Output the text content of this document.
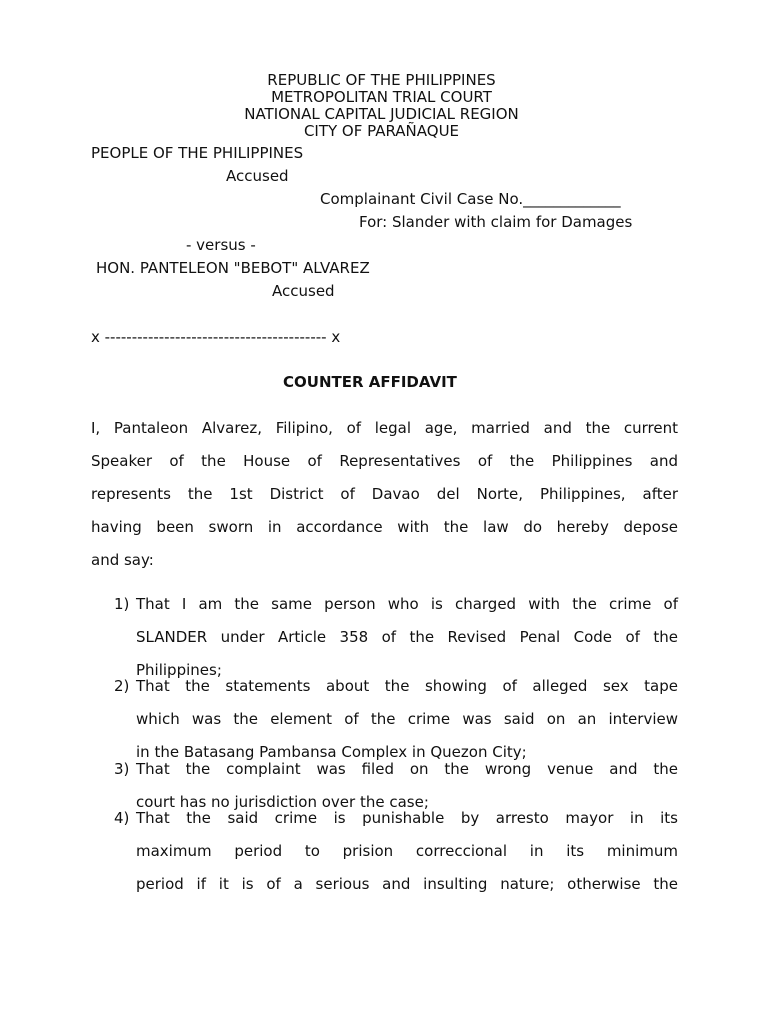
REPUBLIC OF THE PHILIPPINES
METROPOLITAN TRIAL COURT
NATIONAL CAPITAL JUDICIAL REGION
CITY OF PARAÑAQUE
PEOPLE OF THE PHILIPPINES
Accused
Complainant Civil Case No._____________
For: Slander with claim for Damages
- versus -
HON. PANTELEON "BEBOT" ALVAREZ
Accused
x ----------------------------------------- x
COUNTER AFFIDAVIT
I, Pantaleon Alvarez, Filipino, of legal age, married and the current
Speaker of the House of Representatives of the Philippines and
represents the 1st District of Davao del Norte, Philippines, after
having been sworn in accordance with the law do hereby depose
and say:
1) That I am the same person who is charged with the crime of
SLANDER under Article 358 of the Revised Penal Code of the
Philippines;
2) That the statements about the showing of alleged sex tape
which was the element of the crime was said on an interview
in the Batasang Pambansa Complex in Quezon City;
3) That the complaint was filed on the wrong venue and the
court has no jurisdiction over the case;
4) That the said crime is punishable by arresto mayor in its
maximum period to prision correccional in its minimum
period if it is of a serious and insulting nature; otherwise the
